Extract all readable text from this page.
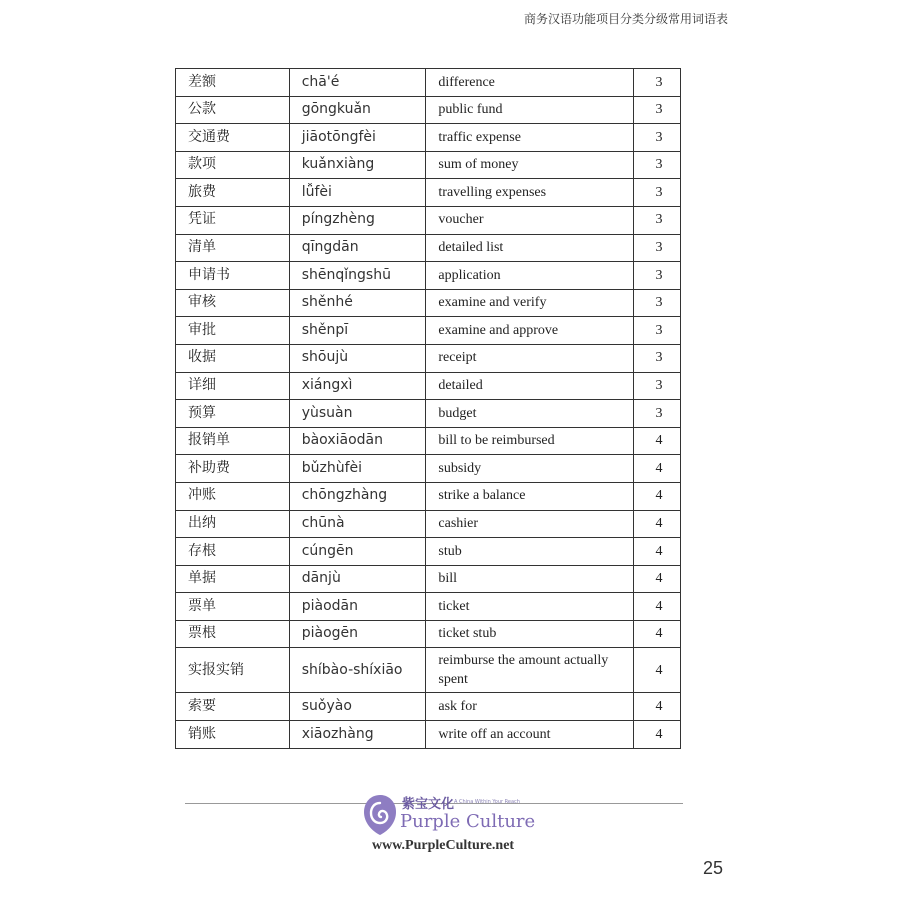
商务汉语功能项目分类分级常用词语表
差额	chā'é	difference	3
公款	gōngkuǎn	public fund	3
交通费	jiāotōngfèi	traffic expense	3
款项	kuǎnxiàng	sum of money	3
旅费	lǚfèi	travelling expenses	3
凭证	píngzhèng	voucher	3
清单	qīngdān	detailed list	3
申请书	shēnqǐngshū	application	3
审核	shěnhé	examine and verify	3
审批	shěnpī	examine and approve	3
收据	shōujù	receipt	3
详细	xiángxì	detailed	3
预算	yùsuàn	budget	3
报销单	bàoxiāodān	bill to be reimbursed	4
补助费	bǔzhùfèi	subsidy	4
冲账	chōngzhàng	strike a balance	4
出纳	chūnà	cashier	4
存根	cúngēn	stub	4
单据	dānjù	bill	4
票单	piàodān	ticket	4
票根	piàogēn	ticket stub	4
实报实销	shíbào-shíxiāo	reimburse the amount actually spent	4
索要	suǒyào	ask for	4
销账	xiāozhàng	write off an account	4
紫宝文化 A China Within Your Reach
Purple Culture
www.PurpleCulture.net
25
